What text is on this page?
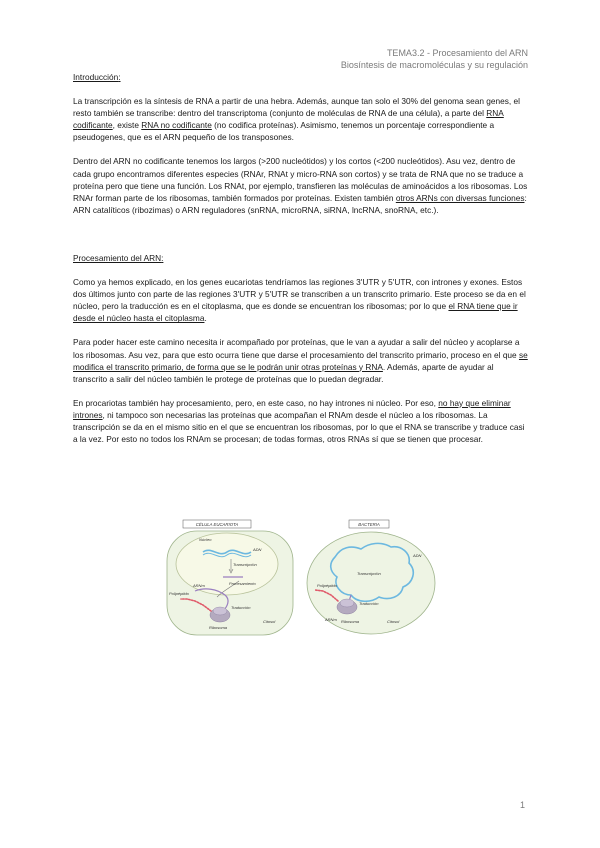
TEMA3.2 - Procesamiento del ARN
Biosíntesis de macromoléculas y su regulación

Introducción:

La transcripción es la síntesis de RNA a partir de una hebra. Además, aunque tan solo el 30% del genoma sean genes, el resto también se transcribe: dentro del transcriptoma (conjunto de moléculas de RNA de una célula), a parte del RNA codificante, existe RNA no codificante (no codifica proteínas). Asimismo, tenemos un porcentaje correspondiente a pseudogenes, que es el ARN pequeño de los transposones.

Dentro del ARN no codificante tenemos los largos (>200 nucleótidos) y los cortos (<200 nucleótidos). Asu vez, dentro de cada grupo encontramos diferentes especies (RNAr, RNAt y micro-RNA son cortos) y se trata de RNA que no se traduce a proteína pero que tiene una función. Los RNAt, por ejemplo, transfieren las moléculas de aminoácidos a los ribosomas. Los RNAr forman parte de los ribosomas, también formados por proteínas. Existen también otros ARNs con diversas funciones: ARN catalíticos (ribozimas) o ARN reguladores (snRNA, microRNA, siRNA, lncRNA, snoRNA, etc.).

Procesamiento del ARN:

Como ya hemos explicado, en los genes eucariotas tendríamos las regiones 3'UTR y 5'UTR, con intrones y exones. Estos dos últimos junto con parte de las regiones 3'UTR y 5'UTR se transcriben a un transcrito primario. Este proceso se da en el núcleo, pero la traducción es en el citoplasma, que es donde se encuentran los ribosomas; por lo que el RNA tiene que ir desde el núcleo hasta el citoplasma.

Para poder hacer este camino necesita ir acompañado por proteínas, que le van a ayudar a salir del núcleo y acoplarse a los ribosomas. Asu vez, para que esto ocurra tiene que darse el procesamiento del transcrito primario, proceso en el que se modifica el transcrito primario, de forma que se le podrán unir otras proteínas y RNA. Además, aparte de ayudar al transcrito a salir del núcleo también le protege de proteínas que lo puedan degradar.

En procariotas también hay procesamiento, pero, en este caso, no hay intrones ni núcleo. Por eso, no hay que eliminar intrones, ni tampoco son necesarias las proteínas que acompañan el RNAm desde el núcleo a los ribosomas. La transcripción se da en el mismo sitio en el que se encuentran los ribosomas, por lo que el RNA se transcribe y traduce casi a la vez. Por esto no todos los RNAm se procesan; de todas formas, otros RNAs sí que se tienen que procesar.

CÉLULA EUCARIOTA
Núcleo
ADN
Transcripción
Procesamiento
ARNm
Polipéptido
Traducción
Ribosoma
Citosol
BACTERIA
ADN
Transcripción
Polipéptido
Traducción
ARNm Ribosoma	Citosol
1
